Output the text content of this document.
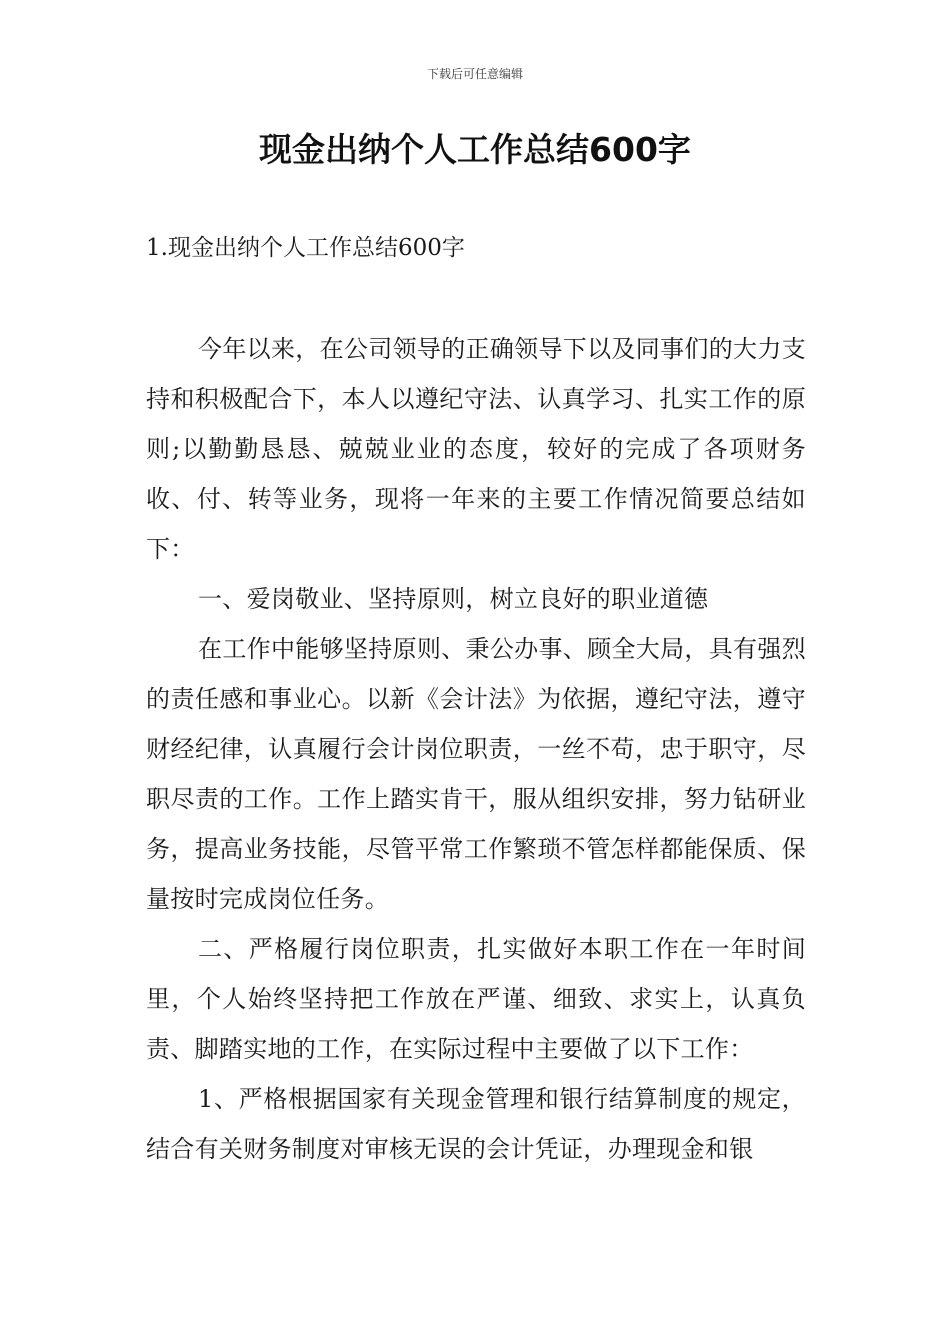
下载后可任意编辑
现金出纳个人工作总结600字
1.现金出纳个人工作总结600字

今年以来，在公司领导的正确领导下以及同事们的大力支持和积极配合下，本人以遵纪守法、认真学习、扎实工作的原则;以勤勤恳恳、兢兢业业的态度，较好的完成了各项财务收、付、转等业务，现将一年来的主要工作情况简要总结如下：

一、爱岗敬业、坚持原则，树立良好的职业道德

在工作中能够坚持原则、秉公办事、顾全大局，具有强烈的责任感和事业心。以新《会计法》为依据，遵纪守法，遵守财经纪律，认真履行会计岗位职责，一丝不苟，忠于职守，尽职尽责的工作。工作上踏实肯干，服从组织安排，努力钻研业务，提高业务技能，尽管平常工作繁琐不管怎样都能保质、保量按时完成岗位任务。

二、严格履行岗位职责，扎实做好本职工作在一年时间里，个人始终坚持把工作放在严谨、细致、求实上，认真负责、脚踏实地的工作，在实际过程中主要做了以下工作：

1、严格根据国家有关现金管理和银行结算制度的规定，结合有关财务制度对审核无误的会计凭证，办理现金和银
